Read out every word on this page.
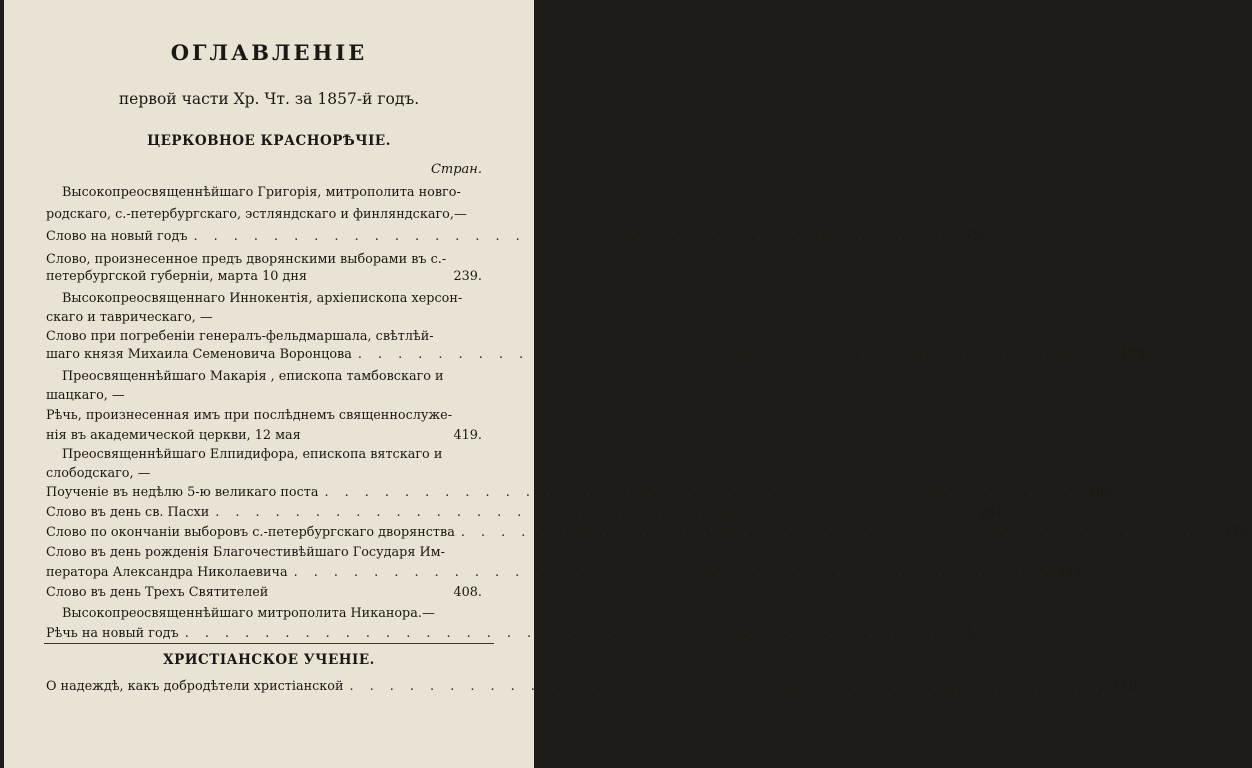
ОГЛАВЛЕНІЕ
первой части Хр. Чт. за 1857-й годъ.
ЦЕРКОВНОЕ КРАСНОРѢЧІЕ.
Стран.
Высокопреосвященнѣйшаго Григорія, митрополита новго-
родскаго, с.-петербургскаго, эстляндскаго и финляндскаго,—
Слово на новый годъ . . . . . . . . . . . . . . . . . . . . . . . . . . . . . . . . . . . . . .	75.
Слово, произнесенное предъ дворянскими выборами въ с.-
петербургской губерніи, марта 10 дня	239.
Высокопреосвященнаго Иннокентія, архіепископа херсон-
скаго и таврическаго, —
Слово при погребеніи генералъ-фельдмаршала, свѣтлѣй-
шаго князя Михаила Семеновича Воронцова . . . . . . . . . . . . . . . . . . . . . . . . . . . . . . . . . . . . . . 178.
Преосвященнѣйшаго Макарія , епископа тамбовскаго и
шацкаго, —
Рѣчь, произнесенная имъ при послѣднемъ священнослуже-
нія въ академической церкви, 12 мая	419.
Преосвященнѣйшаго Елпидифора, епископа вятскаго и
слободскаго, —
Поученіе въ недѣлю 5-ю великаго поста . . . . . . . . . . . . . . . . . . . . . . . . . . . . . . . . . . . . . . 209.
Слово въ день св. Пасхи . . . . . . . . . . . . . . . . . . . . . . . . . . . . . . . . . . . . . . 261.
Слово по окончаніи выборовъ с.-петербургскаго дворянства . . . . . . . . . . . . . . . . . . . . . . . . . . . . . . . . . . . . . . 279.
Слово въ день рожденія Благочестивѣйшаго Государя Им-
ператора Александра Николаевича . . . . . . . . . . . . . . . . . . . . . . . . . . . . . . . . . . . . . . 333.
Слово въ день Трехъ Святителей	408.
Высокопреосвященнѣйшаго митрополита Никанора.—
Рѣчь на новый годъ . . . . . . . . . . . . . . . . . . . . . . . . . . . . . . . . . . . . . .	3.
ХРИСТІАНСКОЕ УЧЕНІЕ.
О надеждѣ, какъ добродѣтели христіанской . . . . . . . . . . . . . . . . . . . . . . . . . . . . . . . . . . . . . . 118.
